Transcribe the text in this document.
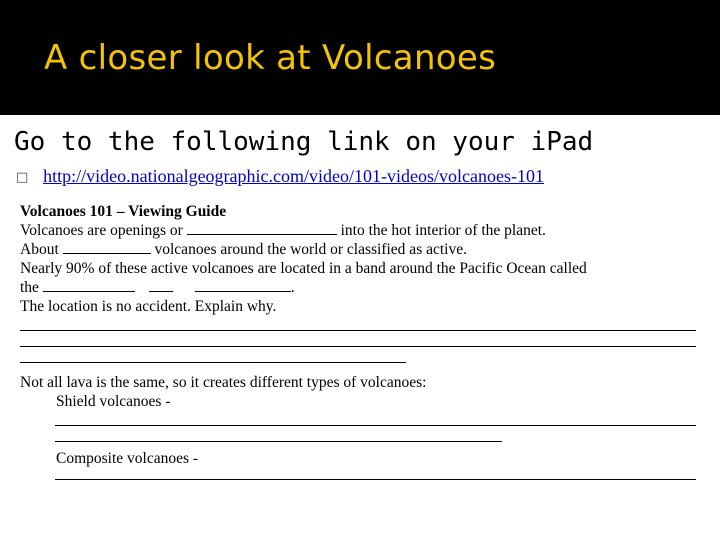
A closer look at Volcanoes
Go to the following link on your iPad
□ http://video.nationalgeographic.com/video/101-videos/volcanoes-101
Volcanoes 101 – Viewing Guide
Volcanoes are openings or	into the hot interior of the planet.
About	volcanoes around the world or classified as active.
Nearly 90% of these active volcanoes are located in a band around the Pacific Ocean called
the	.
The location is no accident. Explain why.
Not all lava is the same, so it creates different types of volcanoes:
Shield volcanoes -
Composite volcanoes -
